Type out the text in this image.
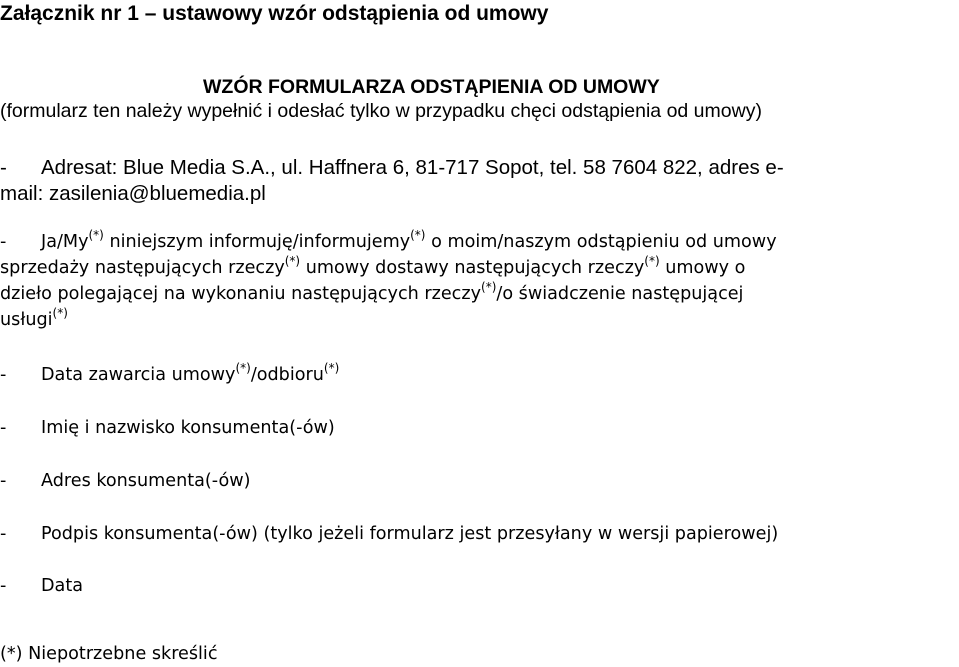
Załącznik nr 1 – ustawowy wzór odstąpienia od umowy
WZÓR FORMULARZA ODSTĄPIENIA OD UMOWY
(formularz ten należy wypełnić i odesłać tylko w przypadku chęci odstąpienia od umowy)
- Adresat: Blue Media S.A., ul. Haffnera 6, 81-717 Sopot, tel. 58 7604 822, adres e-
mail: zasilenia@bluemedia.pl
- Ja/My(*) niniejszym informuję/informujemy(*) o moim/naszym odstąpieniu od umowy
sprzedaży następujących rzeczy(*) umowy dostawy następujących rzeczy(*) umowy o
dzieło polegającej na wykonaniu następujących rzeczy(*)/o świadczenie następującej
usługi(*)
- Data zawarcia umowy(*)/odbioru(*)
- Imię i nazwisko konsumenta(-ów)
- Adres konsumenta(-ów)
- Podpis konsumenta(-ów) (tylko jeżeli formularz jest przesyłany w wersji papierowej)
- Data
(*) Niepotrzebne skreślić
